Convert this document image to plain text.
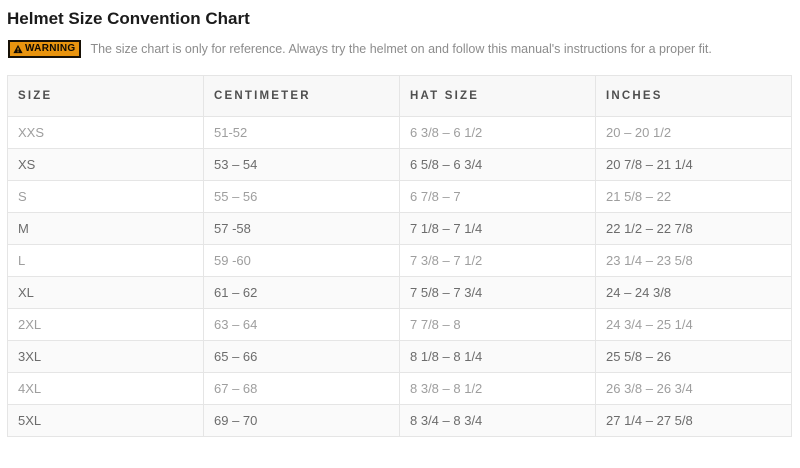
Helmet Size Convention Chart
WARNING The size chart is only for reference. Always try the helmet on and follow this manual's instructions for a proper fit.
SIZE	CENTIMETER	HAT SIZE	INCHES
XXS	51-52	6 3/8 – 6 1/2	20 – 20 1/2
XS	53 – 54	6 5/8 – 6 3/4	20 7/8 – 21 1/4
S	55 – 56	6 7/8 – 7	21 5/8 – 22
M	57 -58	7 1/8 – 7 1/4	22 1/2 – 22 7/8
L	59 -60	7 3/8 – 7 1/2	23 1/4 – 23 5/8
XL	61 – 62	7 5/8 – 7 3/4	24 – 24 3/8
2XL	63 – 64	7 7/8 – 8	24 3/4 – 25 1/4
3XL	65 – 66	8 1/8 – 8 1/4	25 5/8 – 26
4XL	67 – 68	8 3/8 – 8 1/2	26 3/8 – 26 3/4
5XL	69 – 70	8 3/4 – 8 3/4	27 1/4 – 27 5/8
